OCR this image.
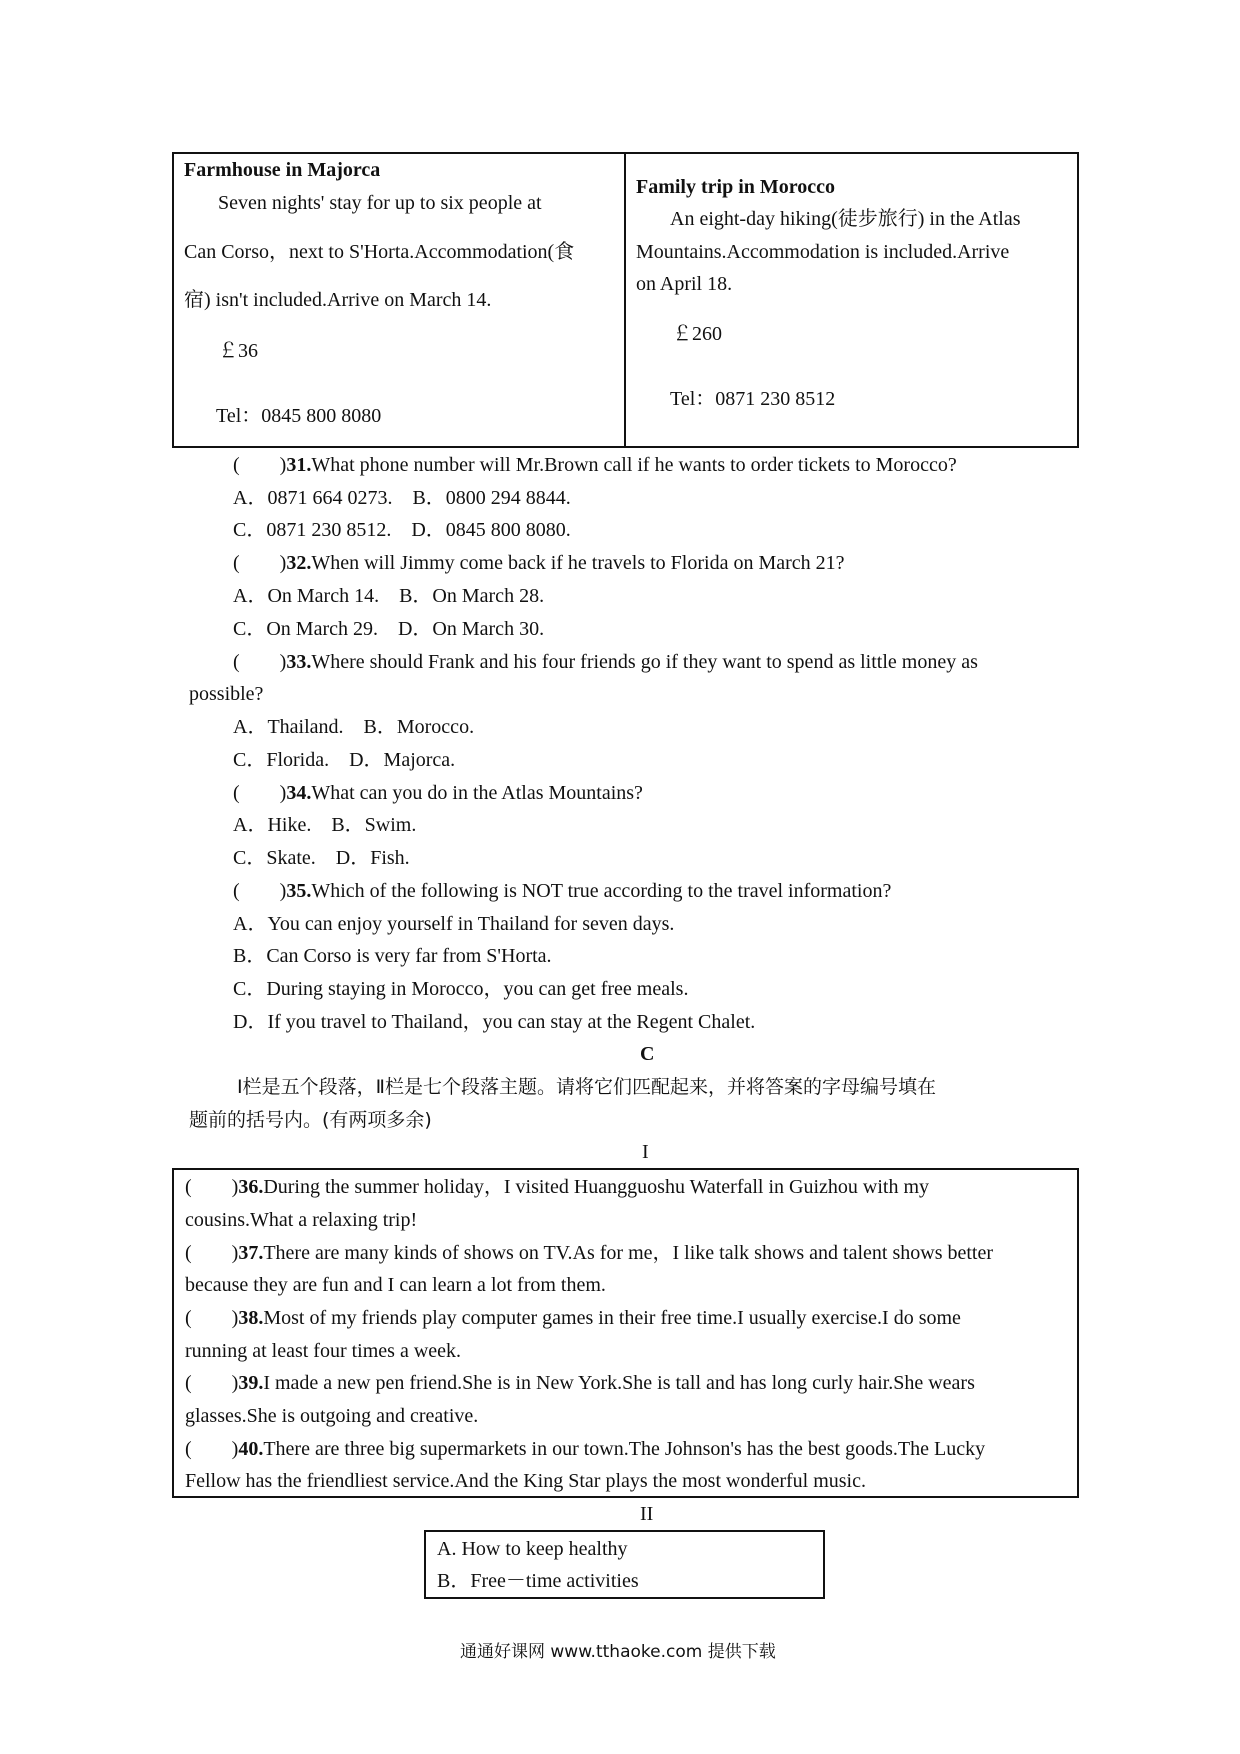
Farmhouse in Majorca
Seven nights' stay for up to six people at
Can Corso，next to S'Horta.Accommodation(食
宿) isn't included.Arrive on March 14.
￡36
Tel：0845 800 8080
Family trip in Morocco
An eight-day hiking(徒步旅行) in the Atlas
Mountains.Accommodation is included.Arrive
on April 18.
￡260
Tel：0871 230 8512
(　　)31.What phone number will Mr.Brown call if he wants to order tickets to Morocco?
A．0871 664 0273.　B．0800 294 8844.
C．0871 230 8512.　D．0845 800 8080.
(　　)32.When will Jimmy come back if he travels to Florida on March 21?
A．On March 14.　B．On March 28.
C．On March 29.　D．On March 30.
(　　)33.Where should Frank and his four friends go if they want to spend as little money as
possible?
A．Thailand.　B．Morocco.
C．Florida.　D．Majorca.
(　　)34.What can you do in the Atlas Mountains?
A．Hike.　B．Swim.
C．Skate.　D．Fish.
(　　)35.Which of the following is NOT true according to the travel information?
A．You can enjoy yourself in Thailand for seven days.
B．Can Corso is very far from S'Horta.
C．During staying in Morocco，you can get free meals.
D．If you travel to Thailand，you can stay at the Regent Chalet.
C
Ⅰ栏是五个段落，Ⅱ栏是七个段落主题。请将它们匹配起来，并将答案的字母编号填在
题前的括号内。(有两项多余)
I
(　　)36.During the summer holiday，I visited Huangguoshu Waterfall in Guizhou with my
cousins.What a relaxing trip!
(　　)37.There are many kinds of shows on TV.As for me，I like talk shows and talent shows better
because they are fun and I can learn a lot from them.
(　　)38.Most of my friends play computer games in their free time.I usually exercise.I do some
running at least four times a week.
(　　)39.I made a new pen friend.She is in New York.She is tall and has long curly hair.She wears
glasses.She is outgoing and creative.
(　　)40.There are three big supermarkets in our town.The Johnson's has the best goods.The Lucky
Fellow has the friendliest service.And the King Star plays the most wonderful music.
II
A. How to keep healthy
B．Free－time activities
通通好课网 www.tthaoke.com 提供下载
